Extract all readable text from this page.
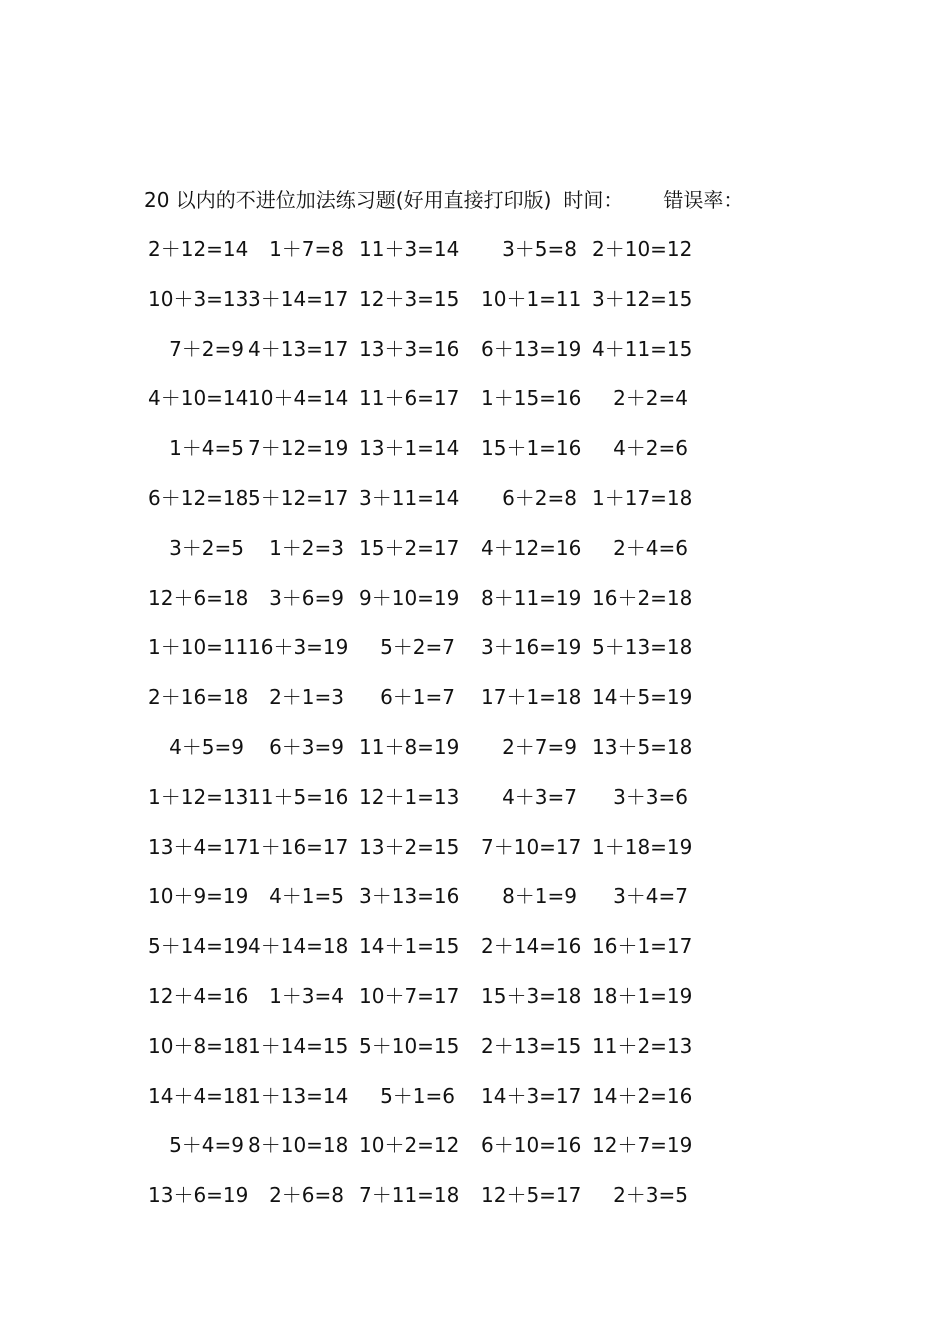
20 以内的不进位加法练习题(好用直接打印版) 时间： 错误率：
2＋12=14	1＋7=8 11＋3=14	3＋5=8 2＋10=12
10＋3=13 3＋14=17 12＋3=15 10＋1=11 3＋12=15
7＋2=9 4＋13=17 13＋3=16 6＋13=19 4＋11=15
4＋10=14 10＋4=14 11＋6=17 1＋15=16	2＋2=4
1＋4=5 7＋12=19 13＋1=14 15＋1=16	4＋2=6
6＋12=18 5＋12=17 3＋11=14	6＋2=8 1＋17=18
3＋2=5	1＋2=3 15＋2=17 4＋12=16	2＋4=6
12＋6=18	3＋6=9 9＋10=19 8＋11=19 16＋2=18
1＋10=11 16＋3=19	5＋2=7 3＋16=19 5＋13=18
2＋16=18	2＋1=3	6＋1=7 17＋1=18 14＋5=19
4＋5=9	6＋3=9 11＋8=19	2＋7=9 13＋5=18
1＋12=13 11＋5=16 12＋1=13	4＋3=7	3＋3=6
13＋4=17 1＋16=17 13＋2=15 7＋10=17 1＋18=19
10＋9=19	4＋1=5 3＋13=16	8＋1=9	3＋4=7
5＋14=19 4＋14=18 14＋1=15 2＋14=16 16＋1=17
12＋4=16	1＋3=4 10＋7=17 15＋3=18 18＋1=19
10＋8=18 1＋14=15 5＋10=15 2＋13=15 11＋2=13
14＋4=18 1＋13=14	5＋1=6 14＋3=17 14＋2=16
5＋4=9 8＋10=18 10＋2=12 6＋10=16 12＋7=19
13＋6=19	2＋6=8 7＋11=18 12＋5=17	2＋3=5
